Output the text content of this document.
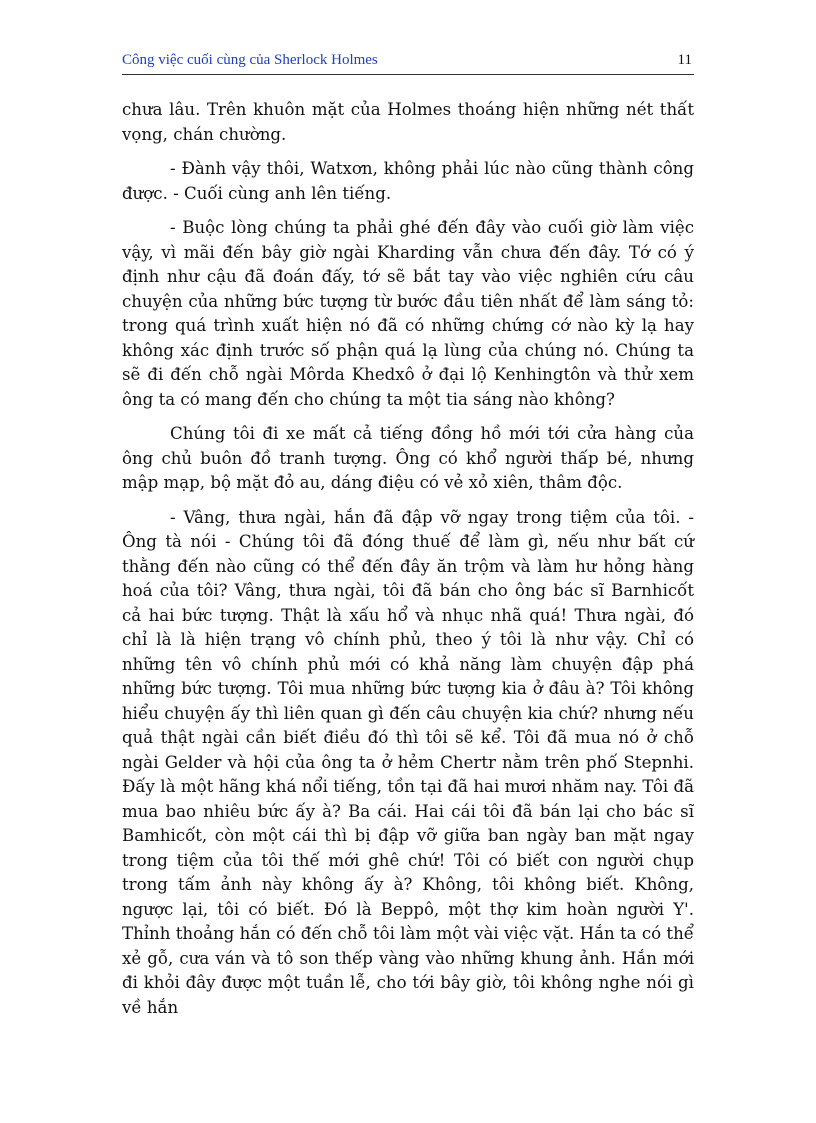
Công việc cuối cùng của Sherlock Holmes	11

chưa lâu. Trên khuôn mặt của Holmes thoáng hiện những nét thất vọng, chán chường.

- Đành vậy thôi, Watxơn, không phải lúc nào cũng thành công được. - Cuối cùng anh lên tiếng.

- Buộc lòng chúng ta phải ghé đến đây vào cuối giờ làm việc vậy, vì mãi đến bây giờ ngài Kharding vẫn chưa đến đây. Tớ có ý định như cậu đã đoán đấy, tớ sẽ bắt tay vào việc nghiên cứu câu chuyện của những bức tượng từ bước đầu tiên nhất để làm sáng tỏ: trong quá trình xuất hiện nó đã có những chứng cớ nào kỳ lạ hay không xác định trước số phận quá lạ lùng của chúng nó. Chúng ta sẽ đi đến chỗ ngài Môrda Khedxô ở đại lộ Kenhingtôn và thử xem ông ta có mang đến cho chúng ta một tia sáng nào không?

Chúng tôi đi xe mất cả tiếng đồng hồ mới tới cửa hàng của ông chủ buôn đồ tranh tượng. Ông có khổ người thấp bé, nhưng mập mạp, bộ mặt đỏ au, dáng điệu có vẻ xỏ xiên, thâm độc.

- Vâng, thưa ngài, hắn đã đập vỡ ngay trong tiệm của tôi. - Ông tà nói - Chúng tôi đã đóng thuế để làm gì, nếu như bất cứ thằng đến nào cũng có thể đến đây ăn trộm và làm hư hỏng hàng hoá của tôi? Vâng, thưa ngài, tôi đã bán cho ông bác sĩ Barnhicốt cả hai bức tượng. Thật là xấu hổ và nhục nhã quá! Thưa ngài, đó chỉ là là hiện trạng vô chính phủ, theo ý tôi là như vậy. Chỉ có những tên vô chính phủ mới có khả năng làm chuyện đập phá những bức tượng. Tôi mua những bức tượng kia ở đâu à? Tôi không hiểu chuyện ấy thì liên quan gì đến câu chuyện kia chứ? nhưng nếu quả thật ngài cần biết điều đó thì tôi sẽ kể. Tôi đã mua nó ở chỗ ngài Gelder và hội của ông ta ở hẻm Chertr nằm trên phố Stepnhi. Đấy là một hãng khá nổi tiếng, tồn tại đã hai mươi nhăm nay. Tôi đã mua bao nhiêu bức ấy à? Ba cái. Hai cái tôi đã bán lại cho bác sĩ Bamhicốt, còn một cái thì bị đập vỡ giữa ban ngày ban mặt ngay trong tiệm của tôi thế mới ghê chứ! Tôi có biết con người chụp trong tấm ảnh này không ấy à? Không, tôi không biết. Không, ngược lại, tôi có biết. Đó là Beppô, một thợ kim hoàn người Y'. Thỉnh thoảng hắn có đến chỗ tôi làm một vài việc vặt. Hắn ta có thể xẻ gỗ, cưa ván và tô son thếp vàng vào những khung ảnh. Hắn mới đi khỏi đây được một tuần lễ, cho tới bây giờ, tôi không nghe nói gì về hắn
